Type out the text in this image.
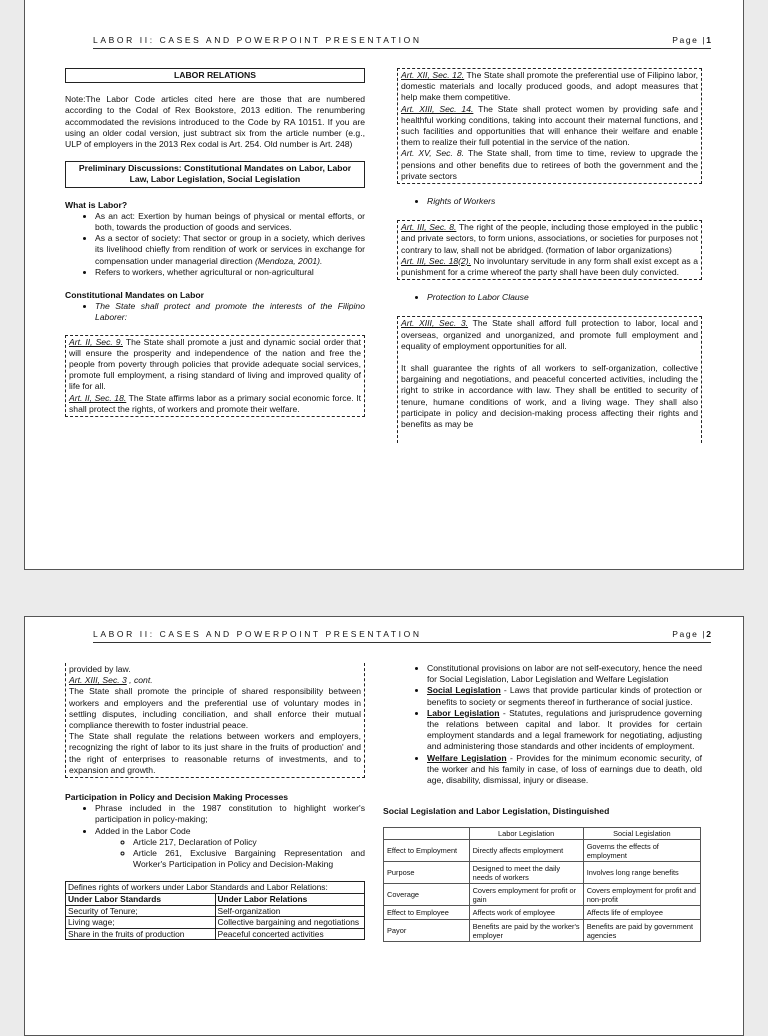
LABOR II: CASES AND POWERPOINT PRESENTATION	Page |1
LABOR RELATIONS

Note:The Labor Code articles cited here are those that are numbered according to the Codal of Rex Bookstore, 2013 edition. The renumbering accommodated the revisions introduced to the Code by RA 10151. If you are using an older codal version, just subtract six from the article number (e.g., ULP of employers in the 2013 Rex codal is Art. 254. Old number is Art. 248)

Preliminary Discussions: Constitutional Mandates on Labor, Labor Law, Labor Legislation, Social Legislation

What is Labor?

• As an act: Exertion by human beings of physical or mental efforts, or both, towards the production of goods and services.
• As a sector of society: That sector or group in a society, which derives its livelihood chiefly from rendition of work or services in exchange for compensation under managerial direction (Mendoza, 2001).
• Refers to workers, whether agricultural or non-agricultural

Constitutional Mandates on Labor

• The State shall protect and promote the interests of the Filipino Laborer:

Art. II, Sec. 9. The State shall promote a just and dynamic social order that will ensure the prosperity and independence of the nation and free the people from poverty through policies that provide adequate social services, promote full employment, a rising standard of living and improved quality of life for all.

Art. II, Sec. 18. The State affirms labor as a primary social economic force. It shall protect the rights, of workers and promote their welfare.

Art. XII, Sec. 12. The State shall promote the preferential use of Filipino labor, domestic materials and locally produced goods, and adopt measures that help make them competitive.

Art. XIII, Sec. 14. The State shall protect women by providing safe and healthful working conditions, taking into account their maternal functions, and such facilities and opportunities that will enhance their welfare and enable them to realize their full potential in the service of the nation.

Art. XV, Sec. 8. The State shall, from time to time, review to upgrade the pensions and other benefits due to retirees of both the government and the private sectors

• Rights of Workers

Art. III, Sec. 8. The right of the people, including those employed in the public and private sectors, to form unions, associations, or societies for purposes not contrary to law, shall not be abridged. (formation of labor organizations)

Art. III, Sec. 18(2). No involuntary servitude in any form shall exist except as a punishment for a crime whereof the party shall have been duly convicted.

• Protection to Labor Clause

Art. XIII, Sec. 3. The State shall afford full protection to labor, local and overseas, organized and unorganized, and promote full employment and equality of employment opportunities for all.

It shall guarantee the rights of all workers to self-organization, collective bargaining and negotiations, and peaceful concerted activities, including the right to strike in accordance with law. They shall be entitled to security of tenure, humane conditions of work, and a living wage. They shall also participate in policy and decision-making process affecting their rights and benefits as may be

LABOR II: CASES AND POWERPOINT PRESENTATION	Page |2

provided by law.

Art. XIII, Sec. 3 , cont.

The State shall promote the principle of shared responsibility between workers and employers and the preferential use of voluntary modes in settling disputes, including conciliation, and shall enforce their mutual compliance therewith to foster industrial peace.

The State shall regulate the relations between workers and employers, recognizing the right of labor to its just share in the fruits of production' and the right of enterprises to reasonable returns of investments, and to expansion and growth.

Participation in Policy and Decision Making Processes

• Phrase included in the 1987 constitution to highlight worker's participation in policy-making;
• Added in the Labor Code
◦ Article 217, Declaration of Policy
◦ Article 261, Exclusive Bargaining Representation and Worker's Participation in Policy and Decision-Making
Defines rights of workers under Labor Standards and Labor Relations:	
Under Labor Standards	Under Labor Relations
Security of Tenure;	Self-organization
Living wage;	Collective bargaining and negotiations
Share in the fruits of production	Peaceful concerted activities
• Constitutional provisions on labor are not self-executory, hence the need for Social Legislation, Labor Legislation and Welfare Legislation
• Social Legislation - Laws that provide particular kinds of protection or benefits to society or segments thereof in furtherance of social justice.
• Labor Legislation - Statutes, regulations and jurisprudence governing the relations between capital and labor. It provides for certain employment standards and a legal framework for negotiating, adjusting and administering those standards and other incidents of employment.
• Welfare Legislation - Provides for the minimum economic security, of the worker and his family in case, of loss of earnings due to death, old age, disability, dismissal, injury or disease.

Social Legislation and Labor Legislation, Distinguished

	Labor Legislation	Social Legislation
Effect to Employment	Directly affects employment	Governs the effects of employment
Purpose	Designed to meet the daily needs of workers	Involves long range benefits
Coverage	Covers employment for profit or gain	Covers employment for profit and non-profit
Effect to Employee	Affects work of employee	Affects life of employee
Payor	Benefits are paid by the worker's employer	Benefits are paid by government agencies
